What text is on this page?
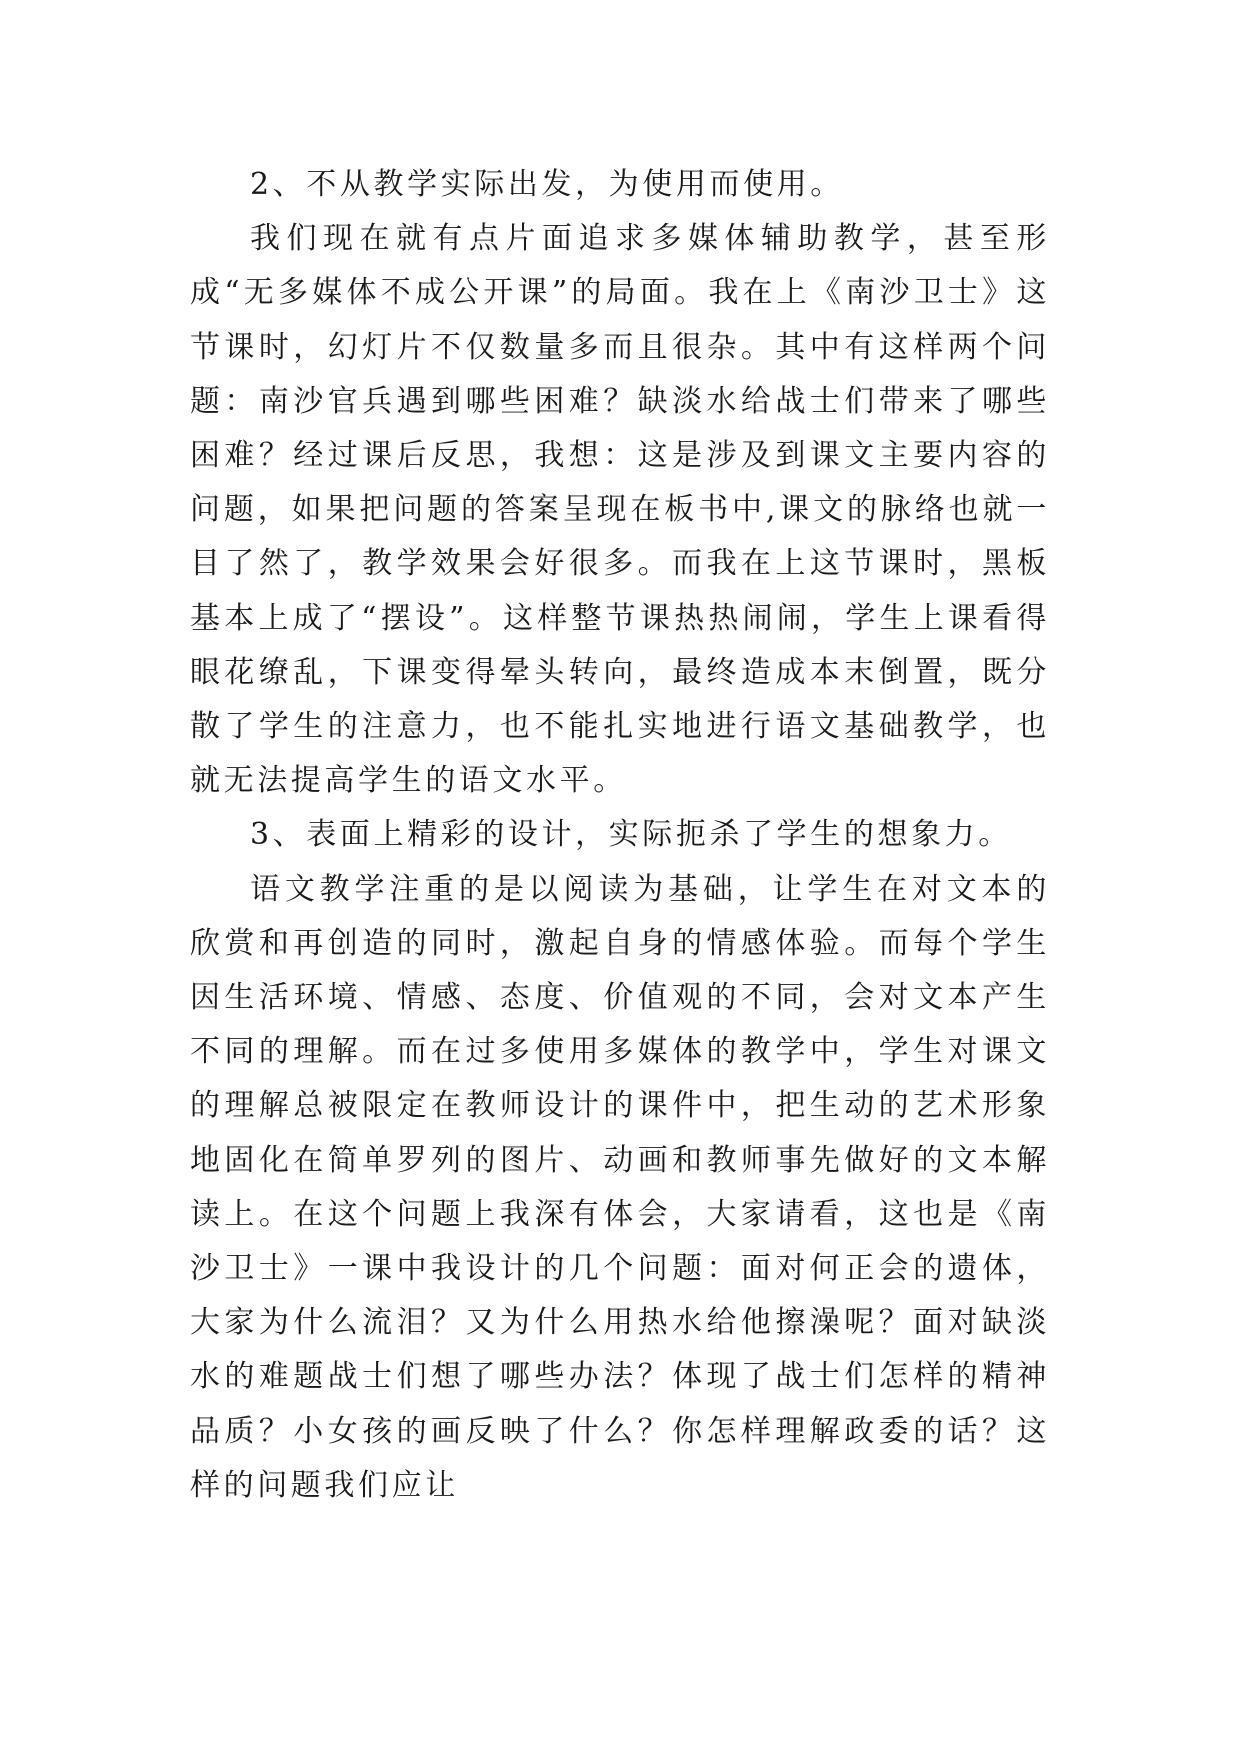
2、不从教学实际出发，为使用而使用。

我们现在就有点片面追求多媒体辅助教学，甚至形成“无多媒体不成公开课”的局面。我在上《南沙卫士》这节课时，幻灯片不仅数量多而且很杂。其中有这样两个问题：南沙官兵遇到哪些困难？缺淡水给战士们带来了哪些困难？经过课后反思，我想：这是涉及到课文主要内容的问题，如果把问题的答案呈现在板书中,课文的脉络也就一目了然了，教学效果会好很多。而我在上这节课时，黑板基本上成了“摆设”。这样整节课热热闹闹，学生上课看得眼花缭乱，下课变得晕头转向，最终造成本末倒置，既分散了学生的注意力，也不能扎实地进行语文基础教学，也就无法提高学生的语文水平。

3、表面上精彩的设计，实际扼杀了学生的想象力。

语文教学注重的是以阅读为基础，让学生在对文本的欣赏和再创造的同时，激起自身的情感体验。而每个学生因生活环境、情感、态度、价值观的不同，会对文本产生不同的理解。而在过多使用多媒体的教学中，学生对课文的理解总被限定在教师设计的课件中，把生动的艺术形象地固化在简单罗列的图片、动画和教师事先做好的文本解读上。在这个问题上我深有体会，大家请看，这也是《南沙卫士》一课中我设计的几个问题：面对何正会的遗体，大家为什么流泪？又为什么用热水给他擦澡呢？面对缺淡水的难题战士们想了哪些办法？体现了战士们怎样的精神品质？小女孩的画反映了什么？你怎样理解政委的话？这样的问题我们应让
